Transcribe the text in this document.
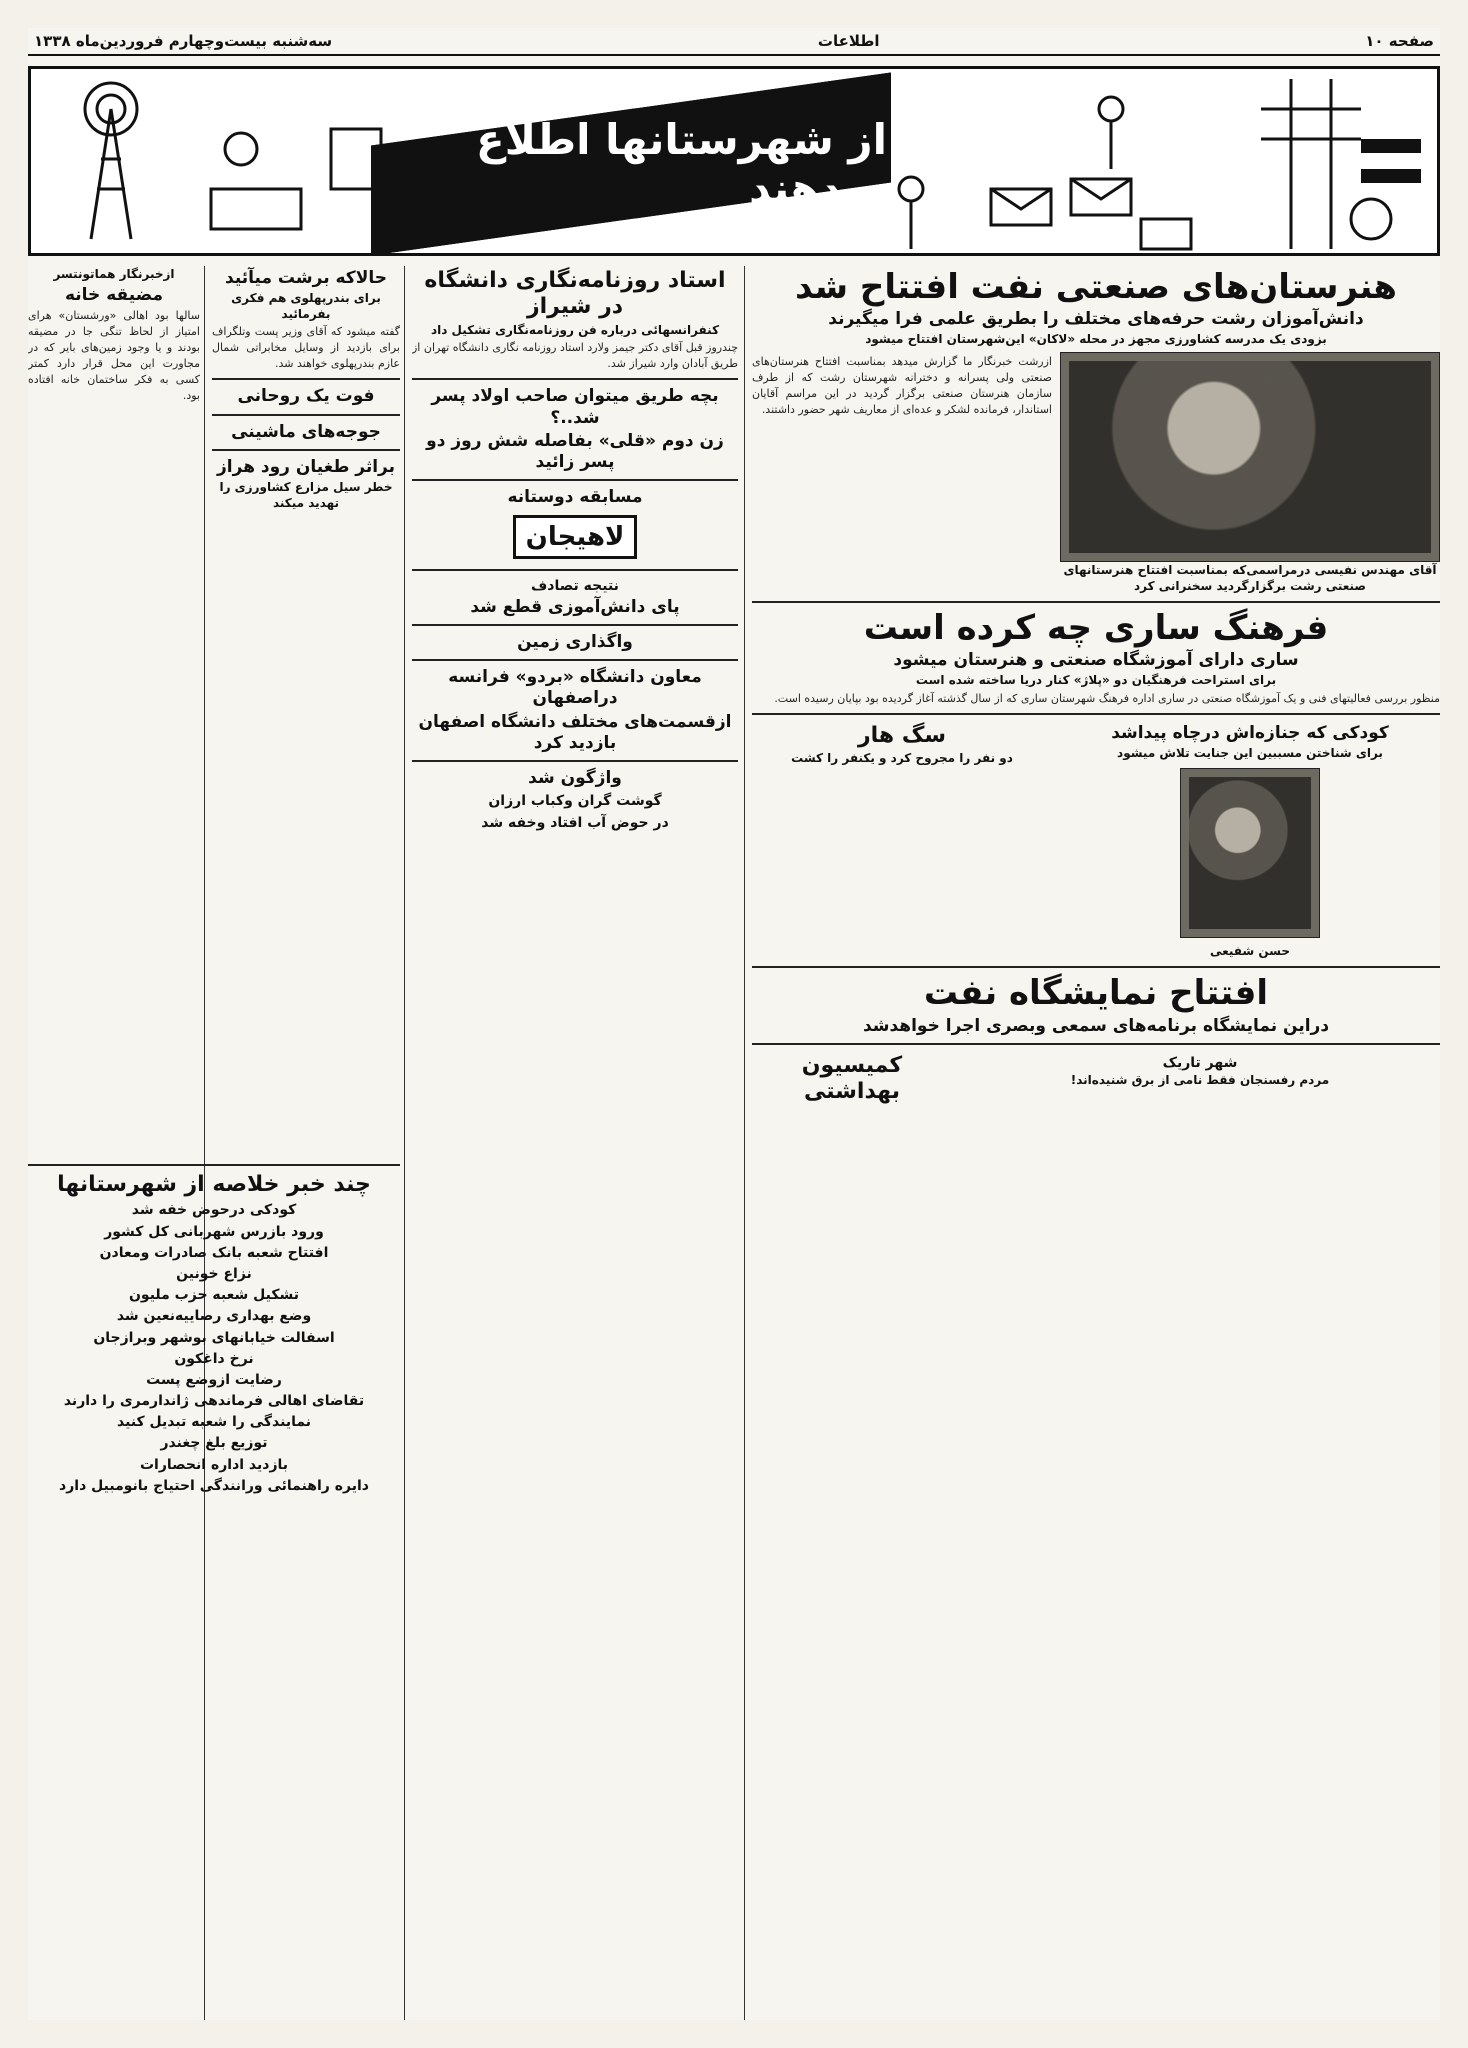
صفحه ۱۰
اطلاعات
سه‌شنبه بیست‌وچهارم فروردین‌ماه ۱۳۳۸
از شهرستانها اطلاع میدهند
هنرستان‌های صنعتی نفت افتتاح شد
دانش‌آموزان رشت حرفه‌های مختلف را بطریق علمی فرا میگیرند
بزودی یک مدرسه کشاورزی مجهز در محله «لاکان» این‌شهرستان افتتاح میشود
آقای مهندس نفیسی درمراسمی‌که بمناسبت افتتاح هنرستانهای صنعتی رشت برگزارگردید سخنرانی کرد

ازرشت خبرنگار ما گزارش میدهد بمناسبت افتتاح هنرستان‌های صنعتی ولی پسرانه و دخترانه شهرستان رشت که از طرف سازمان هنرستان صنعتی برگزار گردید در این مراسم آقایان استاندار، فرمانده لشکر و عده‌ای از معاریف شهر حضور داشتند.

فرهنگ ساری چه کرده است
ساری دارای آموزشگاه صنعتی و هنرستان میشود
برای استراحت فرهنگیان دو «پلاژ» کنار دریا ساخته شده است

منظور بررسی فعالیتهای فنی و یک آموزشگاه صنعتی در ساری اداره فرهنگ شهرستان ساری که از سال گذشته آغاز گردیده بود بپایان رسیده است.

کودکی که جنازه‌اش درچاه پیداشد
برای شناختن مسببین این جنایت تلاش میشود
حسن شفیعی
سگ هار
دو نفر را مجروح کرد و یکنفر را کشت
افتتاح نمایشگاه نفت
دراین نمایشگاه برنامه‌های سمعی وبصری اجرا خواهدشد
شهر تاریک
مردم رفسنجان فقط نامی از برق شنیده‌اند!
کمیسیون بهداشتی
استاد روزنامه‌نگاری دانشگاه در شیراز
کنفرانسهائی درباره فن روزنامه‌نگاری تشکیل داد

چندروز قبل آقای دکتر جیمز ولارد استاد روزنامه نگاری دانشگاه تهران از طریق آبادان وارد شیراز شد.

بچه طریق میتوان صاحب اولاد پسر شد..؟
زن دوم «قلی» بفاصله شش روز دو پسر زائید
مسابقه دوستانه
لاهیجان
نتیجه تصادف
پای دانش‌آموزی قطع شد
واگذاری زمین
معاون دانشگاه «بردو» فرانسه دراصفهان
ازقسمت‌های مختلف دانشگاه اصفهان بازدید کرد
واژگون شد
گوشت گران وکباب ارزان
در حوض آب افتاد وخفه شد
حالاکه برشت میآئید
برای بندرپهلوی هم فکری بفرمائید

گفته میشود که آقای وزیر پست وتلگراف برای بازدید از وسایل مخابراتی شمال عازم بندرپهلوی خواهند شد.

فوت یک روحانی
جوجه‌های ماشینی
براثر طغیان رود هراز
خطر سیل مزارع کشاورزی را تهدید میکند
ازخبرنگار هماتونتسر
مضیقه خانه

سالها بود اهالی «ورشستان» هرای امتیاز از لحاظ تنگی جا در مضیقه بودند و یا وجود زمین‌های بایر که در مجاورت این محل قرار دارد کمتر کسی به فکر ساختمان خانه افتاده بود.

چند خبر خلاصه از شهرستانها
کودکی درحوض خفه شد
ورود بازرس شهربانی کل کشور
افتتاح شعبه بانک صادرات ومعادن
نزاع خونین
تشکیل شعبه حزب ملیون
وضع بهداری رضاییه‌نعین شد
اسفالت خیابانهای بوشهر وبرازجان
نرخ داغکون
رضایت ازوضع پست
تقاضای اهالی فرماندهی ژاندارمری را دارند
نمایندگی را شعبه تبدیل کنید
توزیع بلغ چغندر
بازدید اداره انحصارات
دایره راهنمائی ورانندگی احتیاج بانومبیل دارد
